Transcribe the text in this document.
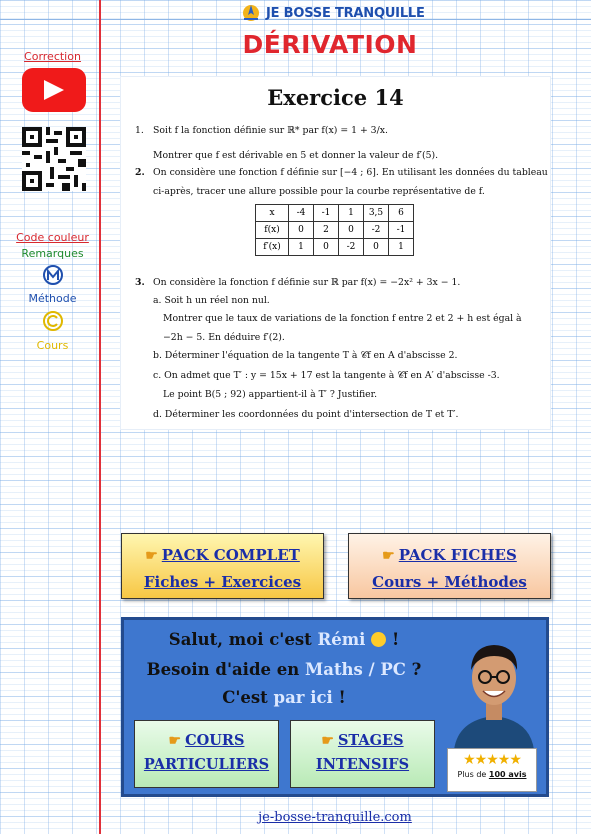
JE BOSSE TRANQUILLE
DÉRIVATION
Correction
Code couleur
Remarques
Méthode
Cours
Exercice 14
1. Soit f la fonction définie sur ℝ* par f(x) = 1 + 3/x.
Montrer que f est dérivable en 5 et donner la valeur de f′(5).
2. On considère une fonction f définie sur [−4 ; 6]. En utilisant les données du tableau
ci-après, tracer une allure possible pour la courbe représentative de f.
x	-4	-1	1	3,5	6
f(x)	0	2	0	-2	-1
f′(x)	1	0	-2	0	1
3. On considère la fonction f définie sur ℝ par f(x) = −2x² + 3x − 1.
a. Soit h un réel non nul.
Montrer que le taux de variations de la fonction f entre 2 et 2 + h est égal à
−2h − 5. En déduire f′(2).
b. Déterminer l'équation de la tangente T à 𝒞f en A d'abscisse 2.
c. On admet que T′ : y = 15x + 17 est la tangente à 𝒞f en A′ d'abscisse -3.
Le point B(5 ; 92) appartient-il à T′ ? Justifier.
d. Déterminer les coordonnées du point d'intersection de T et T′.
☛ PACK COMPLET
Fiches + Exercices
☛ PACK FICHES
Cours + Méthodes
Salut, moi c'est Rémi  !
Besoin d'aide en Maths / PC ?
C'est par ici !
☛ COURS
PARTICULIERS
☛ STAGES
INTENSIFS	★★★★★
Plus de 100 avis
je-bosse-tranquille.com
